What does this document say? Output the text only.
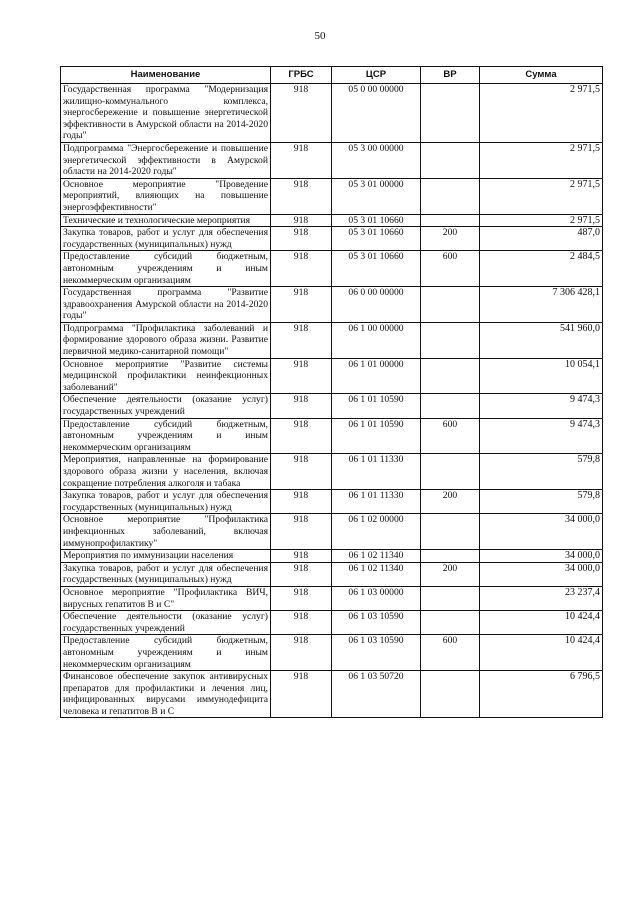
50
Наименование	ГРБС	ЦСР	ВР	Сумма
Государственная программа "Модернизация жилищно-коммунального комплекса, энергосбережение и повышение энергетической эффективности в Амурской области на 2014-2020 годы"	918	05 0 00 00000		2 971,5
Подпрограмма "Энергосбережение и повышение энергетической эффективности в Амурской области на 2014-2020 годы"	918	05 3 00 00000		2 971,5
Основное мероприятие "Проведение мероприятий, влияющих на повышение энергоэффективности"	918	05 3 01 00000		2 971,5
Технические и технологические мероприятия	918	05 3 01 10660		2 971,5
Закупка товаров, работ и услуг для обеспечения государственных (муниципальных) нужд	918	05 3 01 10660	200	487,0
Предоставление субсидий бюджетным, автономным учреждениям и иным некоммерческим организациям	918	05 3 01 10660	600	2 484,5
Государственная программа "Развитие здравоохранения Амурской области на 2014-2020 годы"	918	06 0 00 00000		7 306 428,1
Подпрограмма "Профилактика заболеваний и формирование здорового образа жизни. Развитие первичной медико-санитарной помощи"	918	06 1 00 00000		541 960,0
Основное мероприятие "Развитие системы медицинской профилактики неинфекционных заболеваний"	918	06 1 01 00000		10 054,1
Обеспечение деятельности (оказание услуг) государственных учреждений	918	06 1 01 10590		9 474,3
Предоставление субсидий бюджетным, автономным учреждениям и иным некоммерческим организациям	918	06 1 01 10590	600	9 474,3
Мероприятия, направленные на формирование здорового образа жизни у населения, включая сокращение потребления алкоголя и табака	918	06 1 01 11330		579,8
Закупка товаров, работ и услуг для обеспечения государственных (муниципальных) нужд	918	06 1 01 11330	200	579,8
Основное мероприятие "Профилактика инфекционных заболеваний, включая иммунопрофилактику"	918	06 1 02 00000		34 000,0
Мероприятия по иммунизации населения	918	06 1 02 11340		34 000,0
Закупка товаров, работ и услуг для обеспечения государственных (муниципальных) нужд	918	06 1 02 11340	200	34 000,0
Основное мероприятие "Профилактика ВИЧ, вирусных гепатитов В и С"	918	06 1 03 00000		23 237,4
Обеспечение деятельности (оказание услуг) государственных учреждений	918	06 1 03 10590		10 424,4
Предоставление субсидий бюджетным, автономным учреждениям и иным некоммерческим организациям	918	06 1 03 10590	600	10 424,4
Финансовое обеспечение закупок антивирусных препаратов для профилактики и лечения лиц, инфицированных вирусами иммунодефицита человека и гепатитов В и С	918	06 1 03 50720		6 796,5
